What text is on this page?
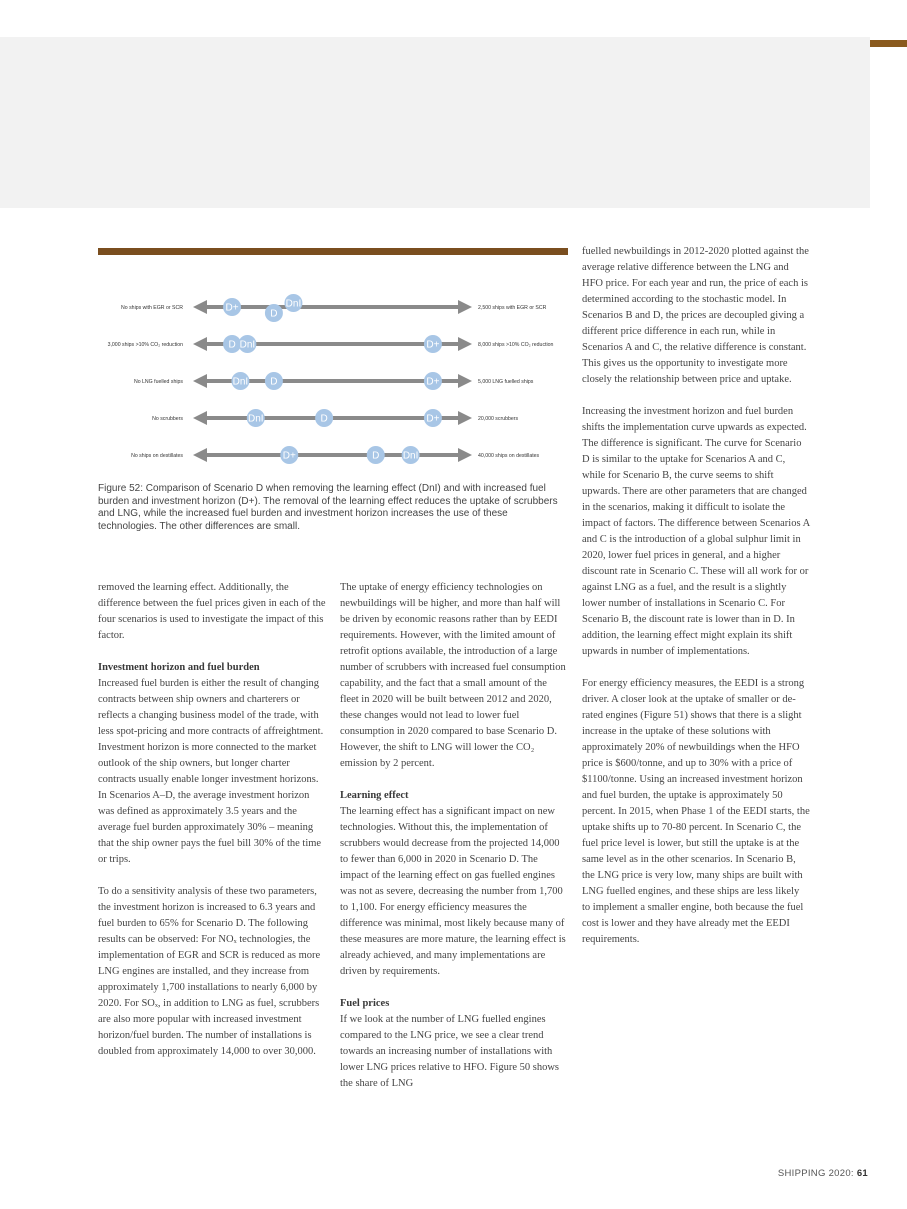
No ships with EGR or SCR	2,500 ships with EGR or SCR
D+
D
DnI
3,000 ships >10% CO₂ reduction	8,000 ships >10% CO₂ reduction
D DnI	D+
No LNG fuelled ships	5,000 LNG fuelled ships
DnI D	D+
No scrubbers	20,000 scrubbers
DnI	D	D+
No ships on destillates	40,000 ships on destillates
D+	D DnI
Figure 52: Comparison of Scenario D when removing the learning effect (DnI) and with increased fuel burden and investment horizon (D+). The removal of the learning effect reduces the uptake of scrubbers and LNG, while the increased fuel burden and investment horizon increases the use of these technologies. The other differences are small.

removed the learning effect. Additionally, the difference between the fuel prices given in each of the four scenarios is used to investigate the impact of this factor.

Investment horizon and fuel burden

Increased fuel burden is either the result of changing contracts between ship owners and charterers or reflects a changing business model of the trade, with less spot-pricing and more contracts of affreightment. Investment horizon is more connected to the market outlook of the ship owners, but longer charter contracts usually enable longer investment horizons. In Scenarios A–D, the average investment horizon was defined as approximately 3.5 years and the average fuel burden approximately 30% – meaning that the ship owner pays the fuel bill 30% of the time or trips.

To do a sensitivity analysis of these two parameters, the investment horizon is increased to 6.3 years and fuel burden to 65% for Scenario D. The following results can be observed: For NOₓ technologies, the implementation of EGR and SCR is reduced as more LNG engines are installed, and they increase from approximately 1,700 installations to nearly 6,000 by 2020. For SOₓ, in addition to LNG as fuel, scrubbers are also more popular with increased investment horizon/fuel burden. The number of installations is doubled from approximately 14,000 to over 30,000.

The uptake of energy efficiency technologies on newbuildings will be higher, and more than half will be driven by economic reasons rather than by EEDI requirements. However, with the limited amount of retrofit options available, the introduction of a large number of scrubbers with increased fuel consumption capability, and the fact that a small amount of the fleet in 2020 will be built between 2012 and 2020, these changes would not lead to lower fuel consumption in 2020 compared to base Scenario D. However, the shift to LNG will lower the CO₂ emission by 2 percent.

Learning effect

The learning effect has a significant impact on new technologies. Without this, the implementation of scrubbers would decrease from the projected 14,000 to fewer than 6,000 in 2020 in Scenario D. The impact of the learning effect on gas fuelled engines was not as severe, decreasing the number from 1,700 to 1,100. For energy efficiency measures the difference was minimal, most likely because many of these measures are more mature, the learning effect is already achieved, and many implementations are driven by requirements.

Fuel prices

If we look at the number of LNG fuelled engines compared to the LNG price, we see a clear trend towards an increasing number of installations with lower LNG prices relative to HFO. Figure 50 shows the share of LNG

fuelled newbuildings in 2012-2020 plotted against the average relative difference between the LNG and HFO price. For each year and run, the price of each is determined according to the stochastic model. In Scenarios B and D, the prices are decoupled giving a different price difference in each run, while in Scenarios A and C, the relative difference is constant. This gives us the opportunity to investigate more closely the relationship between price and uptake.

Increasing the investment horizon and fuel burden shifts the implementation curve upwards as expected. The difference is significant. The curve for Scenario D is similar to the uptake for Scenarios A and C, while for Scenario B, the curve seems to shift upwards. There are other parameters that are changed in the scenarios, making it difficult to isolate the impact of factors. The difference between Scenarios A and C is the introduction of a global sulphur limit in 2020, lower fuel prices in general, and a higher discount rate in Scenario C. These will all work for or against LNG as a fuel, and the result is a slightly lower number of installations in Scenario C. For Scenario B, the discount rate is lower than in D. In addition, the learning effect might explain its shift upwards in number of implementations.

For energy efficiency measures, the EEDI is a strong driver. A closer look at the uptake of smaller or de-rated engines (Figure 51) shows that there is a slight increase in the uptake of these solutions with approximately 20% of newbuildings when the HFO price is $600/tonne, and up to 30% with a price of $1100/tonne. Using an increased investment horizon and fuel burden, the uptake is approximately 50 percent. In 2015, when Phase 1 of the EEDI starts, the uptake shifts up to 70-80 percent. In Scenario C, the fuel price level is lower, but still the uptake is at the same level as in the other scenarios. In Scenario B, the LNG price is very low, many ships are built with LNG fuelled engines, and these ships are less likely to implement a smaller engine, both because the fuel cost is lower and they have already met the EEDI requirements.

SHIPPING 2020: 61
